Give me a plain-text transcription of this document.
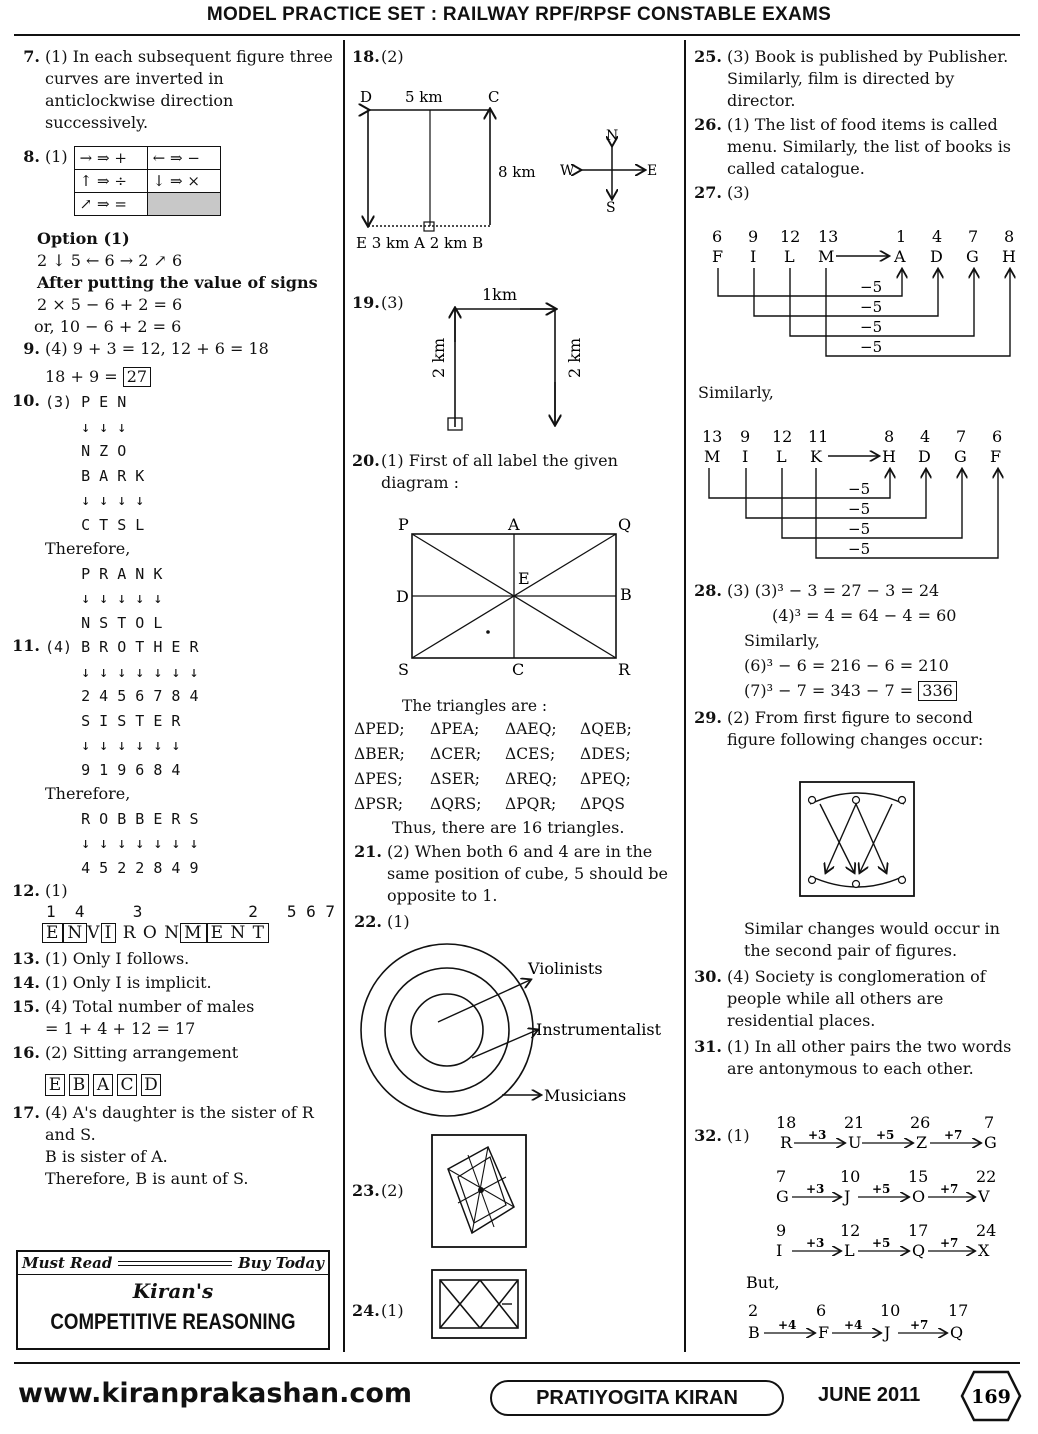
MODEL PRACTICE SET : RAILWAY RPF/RPSF CONSTABLE EXAMS
7. (1) In each subsequent figure three curves are inverted in anticlockwise direction successively.
8. (1) → ⇒ +	← ⇒ −
↑ ⇒ ÷	↓ ⇒ ×
↗ ⇒ =	

Option (1)

2 ↓ 5 ← 6 → 2 ↗ 6

After putting the value of signs

2 × 5 − 6 + 2 = 6

or, 10 − 6 + 2 = 6

9. (4) 9 + 3 = 12, 12 + 6 = 18

18 + 9 = 27

10. (3) P E N
↓ ↓ ↓
N Z O
B A R K
↓ ↓ ↓ ↓
C T S L
Therefore,
P R A N K
↓ ↓ ↓ ↓ ↓
N S T O L
11. (4) B R O T H E R
↓ ↓ ↓ ↓ ↓ ↓ ↓
2 4 5 6 7 8 4
S I S T E R
↓ ↓ ↓ ↓ ↓ ↓
9 1 9 6 8 4
Therefore,
R O B B E R S
↓ ↓ ↓ ↓ ↓ ↓ ↓
4 5 2 2 8 4 9
12. (1)

1  4     3           2   5 6 7

E N V I R O N M E N T

13. (1) Only I follows.
14. (1) Only I is implicit.
15. (4) Total number of males

= 1 + 4 + 12 = 17

16. (2) Sitting arrangement

E B A C D

17. (4) A's daughter is the sister of R and S.

B is sister of A.

Therefore, B is aunt of S.

Must Read	Buy Today
Kiran's
COMPETITIVE REASONING
18. (2)
D	C
5 km
8 km
E 3 km A 2 km B
N
S
E
W
19. (3)	1km
2 km	2 km
20. (1) First of all label the given diagram :
P	A	Q
D
E
B
S	C	R

The triangles are :

ΔPED;	ΔPEA;	ΔAEQ;	ΔQEB;
ΔBER;	ΔCER;	ΔCES;	ΔDES;
ΔPES;	ΔSER;	ΔREQ;	ΔPEQ;
ΔPSR;	ΔQRS;	ΔPQR;	ΔPQS

Thus, there are 16 triangles.

21. (2) When both 6 and 4 are in the same position of cube, 5 should be opposite to 1.
22. (1)
Violinists
Instrumentalist
Musicians
23. (2)
24. (1)
25. (3) Book is published by Publisher. Similarly, film is directed by director.
26. (1) The list of food items is called menu. Similarly, the list of books is called catalogue.
27. (3)
6 9 12 13	1 4 7 8
F I L M	A D G H
−5
−5
−5
−5
Similarly,
13 9 12 11	8 4 7 6
M I L K	H D G F
−5
−5
−5
−5
28. (3) (3)³ − 3 = 27 − 3 = 24

(4)³ = 4 = 64 − 4 = 60

Similarly,

(6)³ − 6 = 216 − 6 = 210

(7)³ − 7 = 343 − 7 = 336

29. (2) From first figure to second figure following changes occur:

Similar changes would occur in the second pair of figures.

30. (4) Society is conglomeration of people while all others are residential places.
31. (1) In all other pairs the two words are antonymous to each other.
32. (1)
18	21	26	7
R	U	Z	G
7	10	15	22
G	J	O	V
9	12	17	24
I	L	Q	X
But,
2	6	10	17
B	F	J	Q
+3	+5	+7
+3	+5	+7
+3	+5	+7
+4	+4	+7
www.kiranprakashan.com	PRATIYOGITA KIRAN	JUNE 2011	169
